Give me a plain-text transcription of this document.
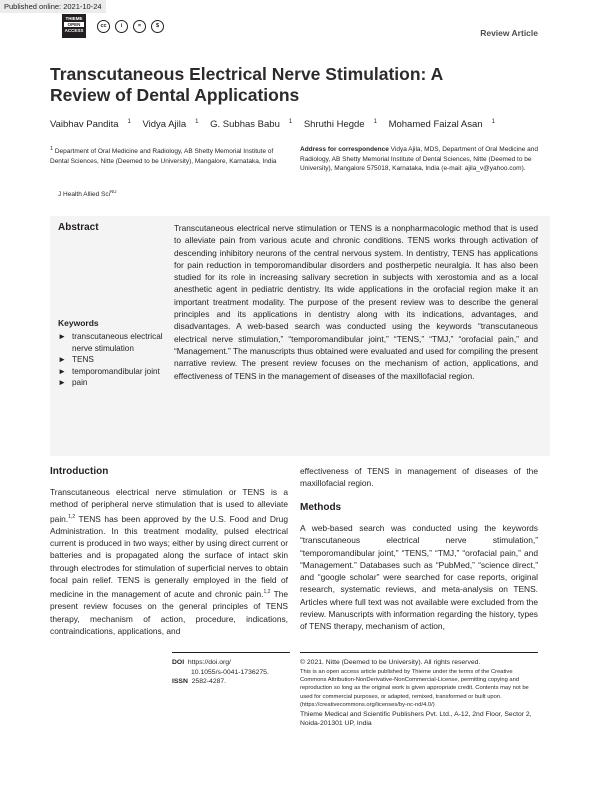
Published online: 2021-10-24
THIEME
OPEN
ACCESS
cc	i	=	$
Review Article
Transcutaneous Electrical Nerve Stimulation: A
Review of Dental Applications
Vaibhav Pandita $^1$ Vidya Ajila $^1$ G. Subhas Babu $^1$ Shruthi Hegde $^1$ Mohamed Faizal Asan $^1$
$^1$ Department of Oral Medicine and Radiology, AB Shetty Memorial Institute of Dental Sciences, Nitte (Deemed to be University), Mangalore, Karnataka, India
Address for correspondence Vidya Ajila, MDS, Department of Oral Medicine and Radiology, AB Shetty Memorial Institute of Dental Sciences, Nitte (Deemed to be University), Mangalore 575018, Karnataka, India (e-mail: ajila_v@yahoo.com).
J Health Allied Sci$^{NU}$
Abstract	Transcutaneous electrical nerve stimulation or TENS is a nonpharmacologic method that is used to alleviate pain from various acute and chronic conditions. TENS works through activation of descending inhibitory neurons of the central nervous system. In dentistry, TENS has applications for pain reduction in temporomandibular disorders and postherpetic neuralgia. It has also been studied for its role in increasing salivary secretion in subjects with xerostomia and as a local anesthetic agent in pediatric dentistry. Its wide applications in the orofacial region make it an important treatment modality. The purpose of the present review was to describe the general principles and its applications in dentistry along with its indications, advantages, and disadvantages. A web-based search was conducted using the keywords “transcutaneous electrical nerve stimulation,” “temporomandibular joint,” “TENS,” “TMJ,” “orofacial pain,” and “Management.” The manuscripts thus obtained were evaluated and used for compiling the present narrative review. The present review focuses on the mechanism of action, applications, and effectiveness of TENS in the management of diseases of the maxillofacial region.
Keywords
► transcutaneous electrical nerve stimulation
► TENS
► temporomandibular joint
► pain
Introduction
Transcutaneous electrical nerve stimulation or TENS is a method of peripheral nerve stimulation that is used to alleviate pain.$^{1,2}$ TENS has been approved by the U.S. Food and Drug Administration. In this treatment modality, pulsed electrical current is produced in two ways; either by using direct current or batteries and is propagated along the surface of intact skin through electrodes for stimulation of superficial nerves to obtain focal pain relief. TENS is generally employed in the field of medicine in the management of acute and chronic pain.$^{1,2}$ The present review focuses on the general principles of TENS therapy, mechanism of action, procedure, indications, contraindications, applications, and
effectiveness of TENS in management of diseases of the maxillofacial region.
Methods
A web-based search was conducted using the keywords “transcutaneous electrical nerve stimulation,” “temporomandibular joint,” “TENS,” “TMJ,” “orofacial pain,” and “Management.” Databases such as “PubMed,” “science direct,” and “google scholar” were searched for case reports, original research, systematic reviews, and meta-analysis on TENS. Articles where full text was not available were excluded from the review. Manuscripts with information regarding the history, types of TENS therapy, mechanism of action,
DOI https://doi.org/
10.1055/s-0041-1736275.
ISSN 2582-4287.
© 2021. Nitte (Deemed to be University). All rights reserved.
This is an open access article published by Thieme under the terms of the Creative Commons Attribution-NonDerivative-NonCommercial-License, permitting copying and reproduction so long as the original work is given appropriate credit. Contents may not be used for commercial purposes, or adapted, remixed, transformed or built upon. (https://creativecommons.org/licenses/by-nc-nd/4.0/)
Thieme Medical and Scientific Publishers Pvt. Ltd., A-12, 2nd Floor, Sector 2, Noida-201301 UP, India
